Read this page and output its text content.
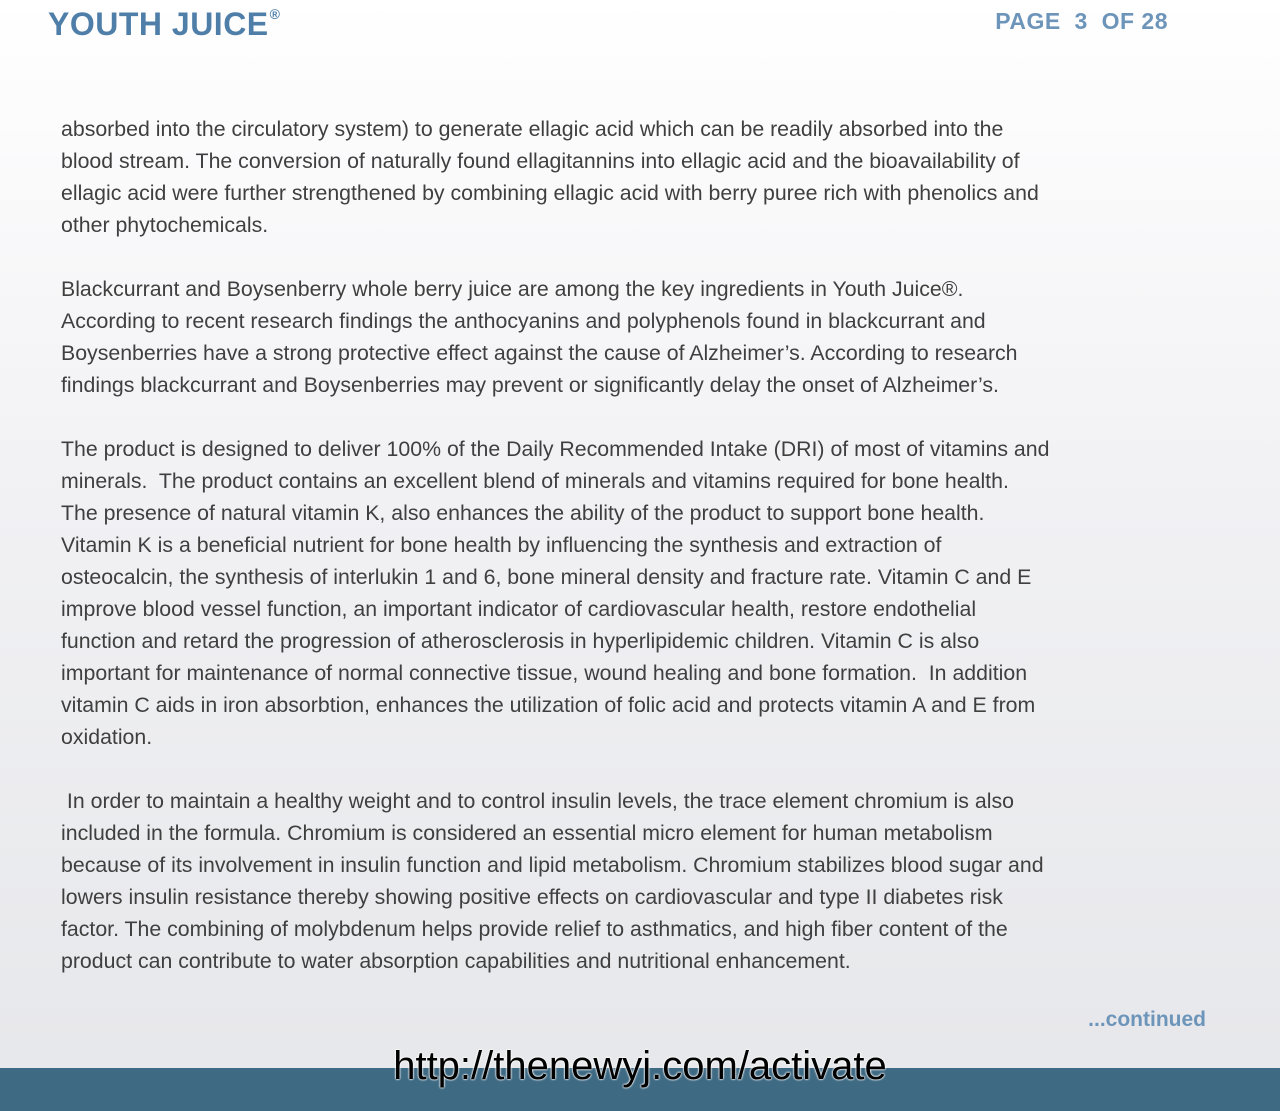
YOUTH JUICE®	PAGE 3 OF 28

absorbed into the circulatory system) to generate ellagic acid which can be readily absorbed into the
blood stream. The conversion of naturally found ellagitannins into ellagic acid and the bioavailability of
ellagic acid were further strengthened by combining ellagic acid with berry puree rich with phenolics and
other phytochemicals.

Blackcurrant and Boysenberry whole berry juice are among the key ingredients in Youth Juice®.
According to recent research findings the anthocyanins and polyphenols found in blackcurrant and
Boysenberries have a strong protective effect against the cause of Alzheimer’s. According to research
findings blackcurrant and Boysenberries may prevent or significantly delay the onset of Alzheimer’s.

The product is designed to deliver 100% of the Daily Recommended Intake (DRI) of most of vitamins and
minerals.  The product contains an excellent blend of minerals and vitamins required for bone health.
The presence of natural vitamin K, also enhances the ability of the product to support bone health.
Vitamin K is a beneficial nutrient for bone health by influencing the synthesis and extraction of
osteocalcin, the synthesis of interlukin 1 and 6, bone mineral density and fracture rate. Vitamin C and E
improve blood vessel function, an important indicator of cardiovascular health, restore endothelial
function and retard the progression of atherosclerosis in hyperlipidemic children. Vitamin C is also
important for maintenance of normal connective tissue, wound healing and bone formation.  In addition
vitamin C aids in iron absorbtion, enhances the utilization of folic acid and protects vitamin A and E from
oxidation.

In order to maintain a healthy weight and to control insulin levels, the trace element chromium is also
included in the formula. Chromium is considered an essential micro element for human metabolism
because of its involvement in insulin function and lipid metabolism. Chromium stabilizes blood sugar and
lowers insulin resistance thereby showing positive effects on cardiovascular and type II diabetes risk
factor. The combining of molybdenum helps provide relief to asthmatics, and high fiber content of the
product can contribute to water absorption capabilities and nutritional enhancement.

...continued
http://thenewyj.com/activate
